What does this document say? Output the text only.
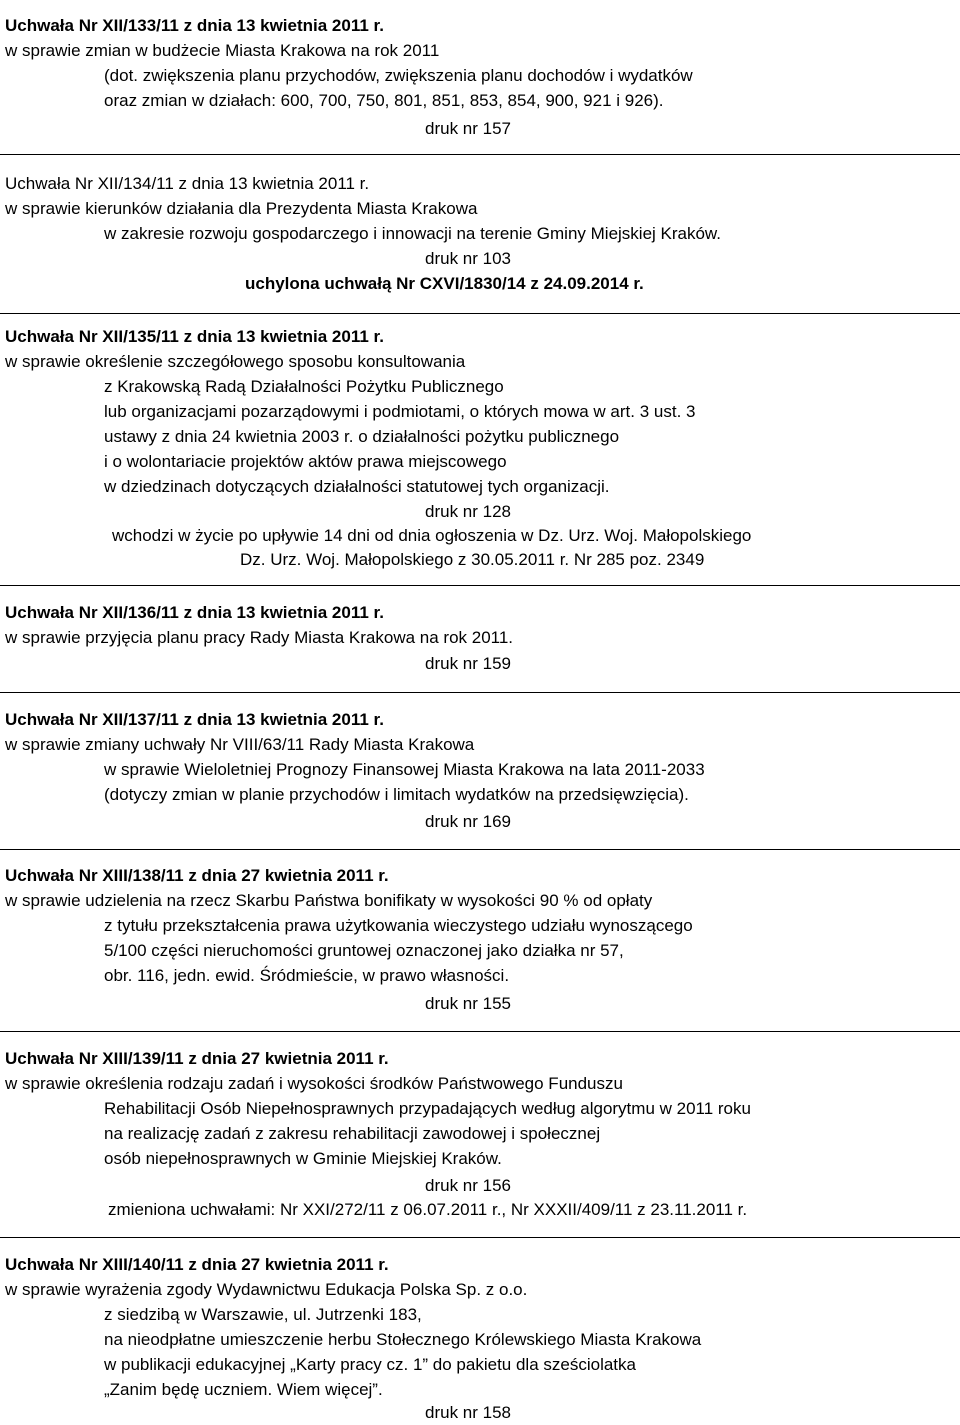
Uchwała Nr XII/133/11 z dnia 13 kwietnia 2011 r.
w sprawie zmian w budżecie Miasta Krakowa na rok 2011
(dot. zwiększenia planu przychodów, zwiększenia planu dochodów i wydatków
oraz zmian w działach: 600, 700, 750, 801, 851, 853, 854, 900, 921 i 926).
druk nr 157
Uchwała Nr XII/134/11 z dnia 13 kwietnia 2011 r.
w sprawie kierunków działania dla Prezydenta Miasta Krakowa
w zakresie rozwoju gospodarczego i innowacji na terenie Gminy Miejskiej Kraków.
druk nr 103
uchylona uchwałą Nr CXVI/1830/14 z 24.09.2014 r.
Uchwała Nr XII/135/11 z dnia 13 kwietnia 2011 r.
w sprawie określenie szczegółowego sposobu konsultowania
z Krakowską Radą Działalności Pożytku Publicznego
lub organizacjami pozarządowymi i podmiotami, o których mowa w art. 3 ust. 3
ustawy z dnia 24 kwietnia 2003 r. o działalności pożytku publicznego
i o wolontariacie projektów aktów prawa miejscowego
w dziedzinach dotyczących działalności statutowej tych organizacji.
druk nr 128
wchodzi w życie po upływie 14 dni od dnia ogłoszenia w Dz. Urz. Woj. Małopolskiego
Dz. Urz. Woj. Małopolskiego z 30.05.2011 r. Nr 285 poz. 2349
Uchwała Nr XII/136/11 z dnia 13 kwietnia 2011 r.
w sprawie przyjęcia planu pracy Rady Miasta Krakowa na rok 2011.
druk nr 159
Uchwała Nr XII/137/11 z dnia 13 kwietnia 2011 r.
w sprawie zmiany uchwały Nr VIII/63/11 Rady Miasta Krakowa
w sprawie Wieloletniej Prognozy Finansowej Miasta Krakowa na lata 2011-2033
(dotyczy zmian w planie przychodów i limitach wydatków na przedsięwzięcia).
druk nr 169
Uchwała Nr XIII/138/11 z dnia 27 kwietnia 2011 r.
w sprawie udzielenia na rzecz Skarbu Państwa bonifikaty w wysokości 90 % od opłaty
z tytułu przekształcenia prawa użytkowania wieczystego udziału wynoszącego
5/100 części nieruchomości gruntowej oznaczonej jako działka nr 57,
obr. 116, jedn. ewid. Śródmieście, w prawo własności.
druk nr 155
Uchwała Nr XIII/139/11 z dnia 27 kwietnia 2011 r.
w sprawie określenia rodzaju zadań i wysokości środków Państwowego Funduszu
Rehabilitacji Osób Niepełnosprawnych przypadających według algorytmu w 2011 roku
na realizację zadań z zakresu rehabilitacji zawodowej i społecznej
osób niepełnosprawnych w Gminie Miejskiej Kraków.
druk nr 156
zmieniona uchwałami: Nr XXI/272/11 z 06.07.2011 r., Nr XXXII/409/11 z 23.11.2011 r.
Uchwała Nr XIII/140/11 z dnia 27 kwietnia 2011 r.
w sprawie wyrażenia zgody Wydawnictwu Edukacja Polska Sp. z o.o.
z siedzibą w Warszawie, ul. Jutrzenki 183,
na nieodpłatne umieszczenie herbu Stołecznego Królewskiego Miasta Krakowa
w publikacji edukacyjnej „Karty pracy cz. 1” do pakietu dla sześciolatka
„Zanim będę uczniem. Wiem więcej”.
druk nr 158
